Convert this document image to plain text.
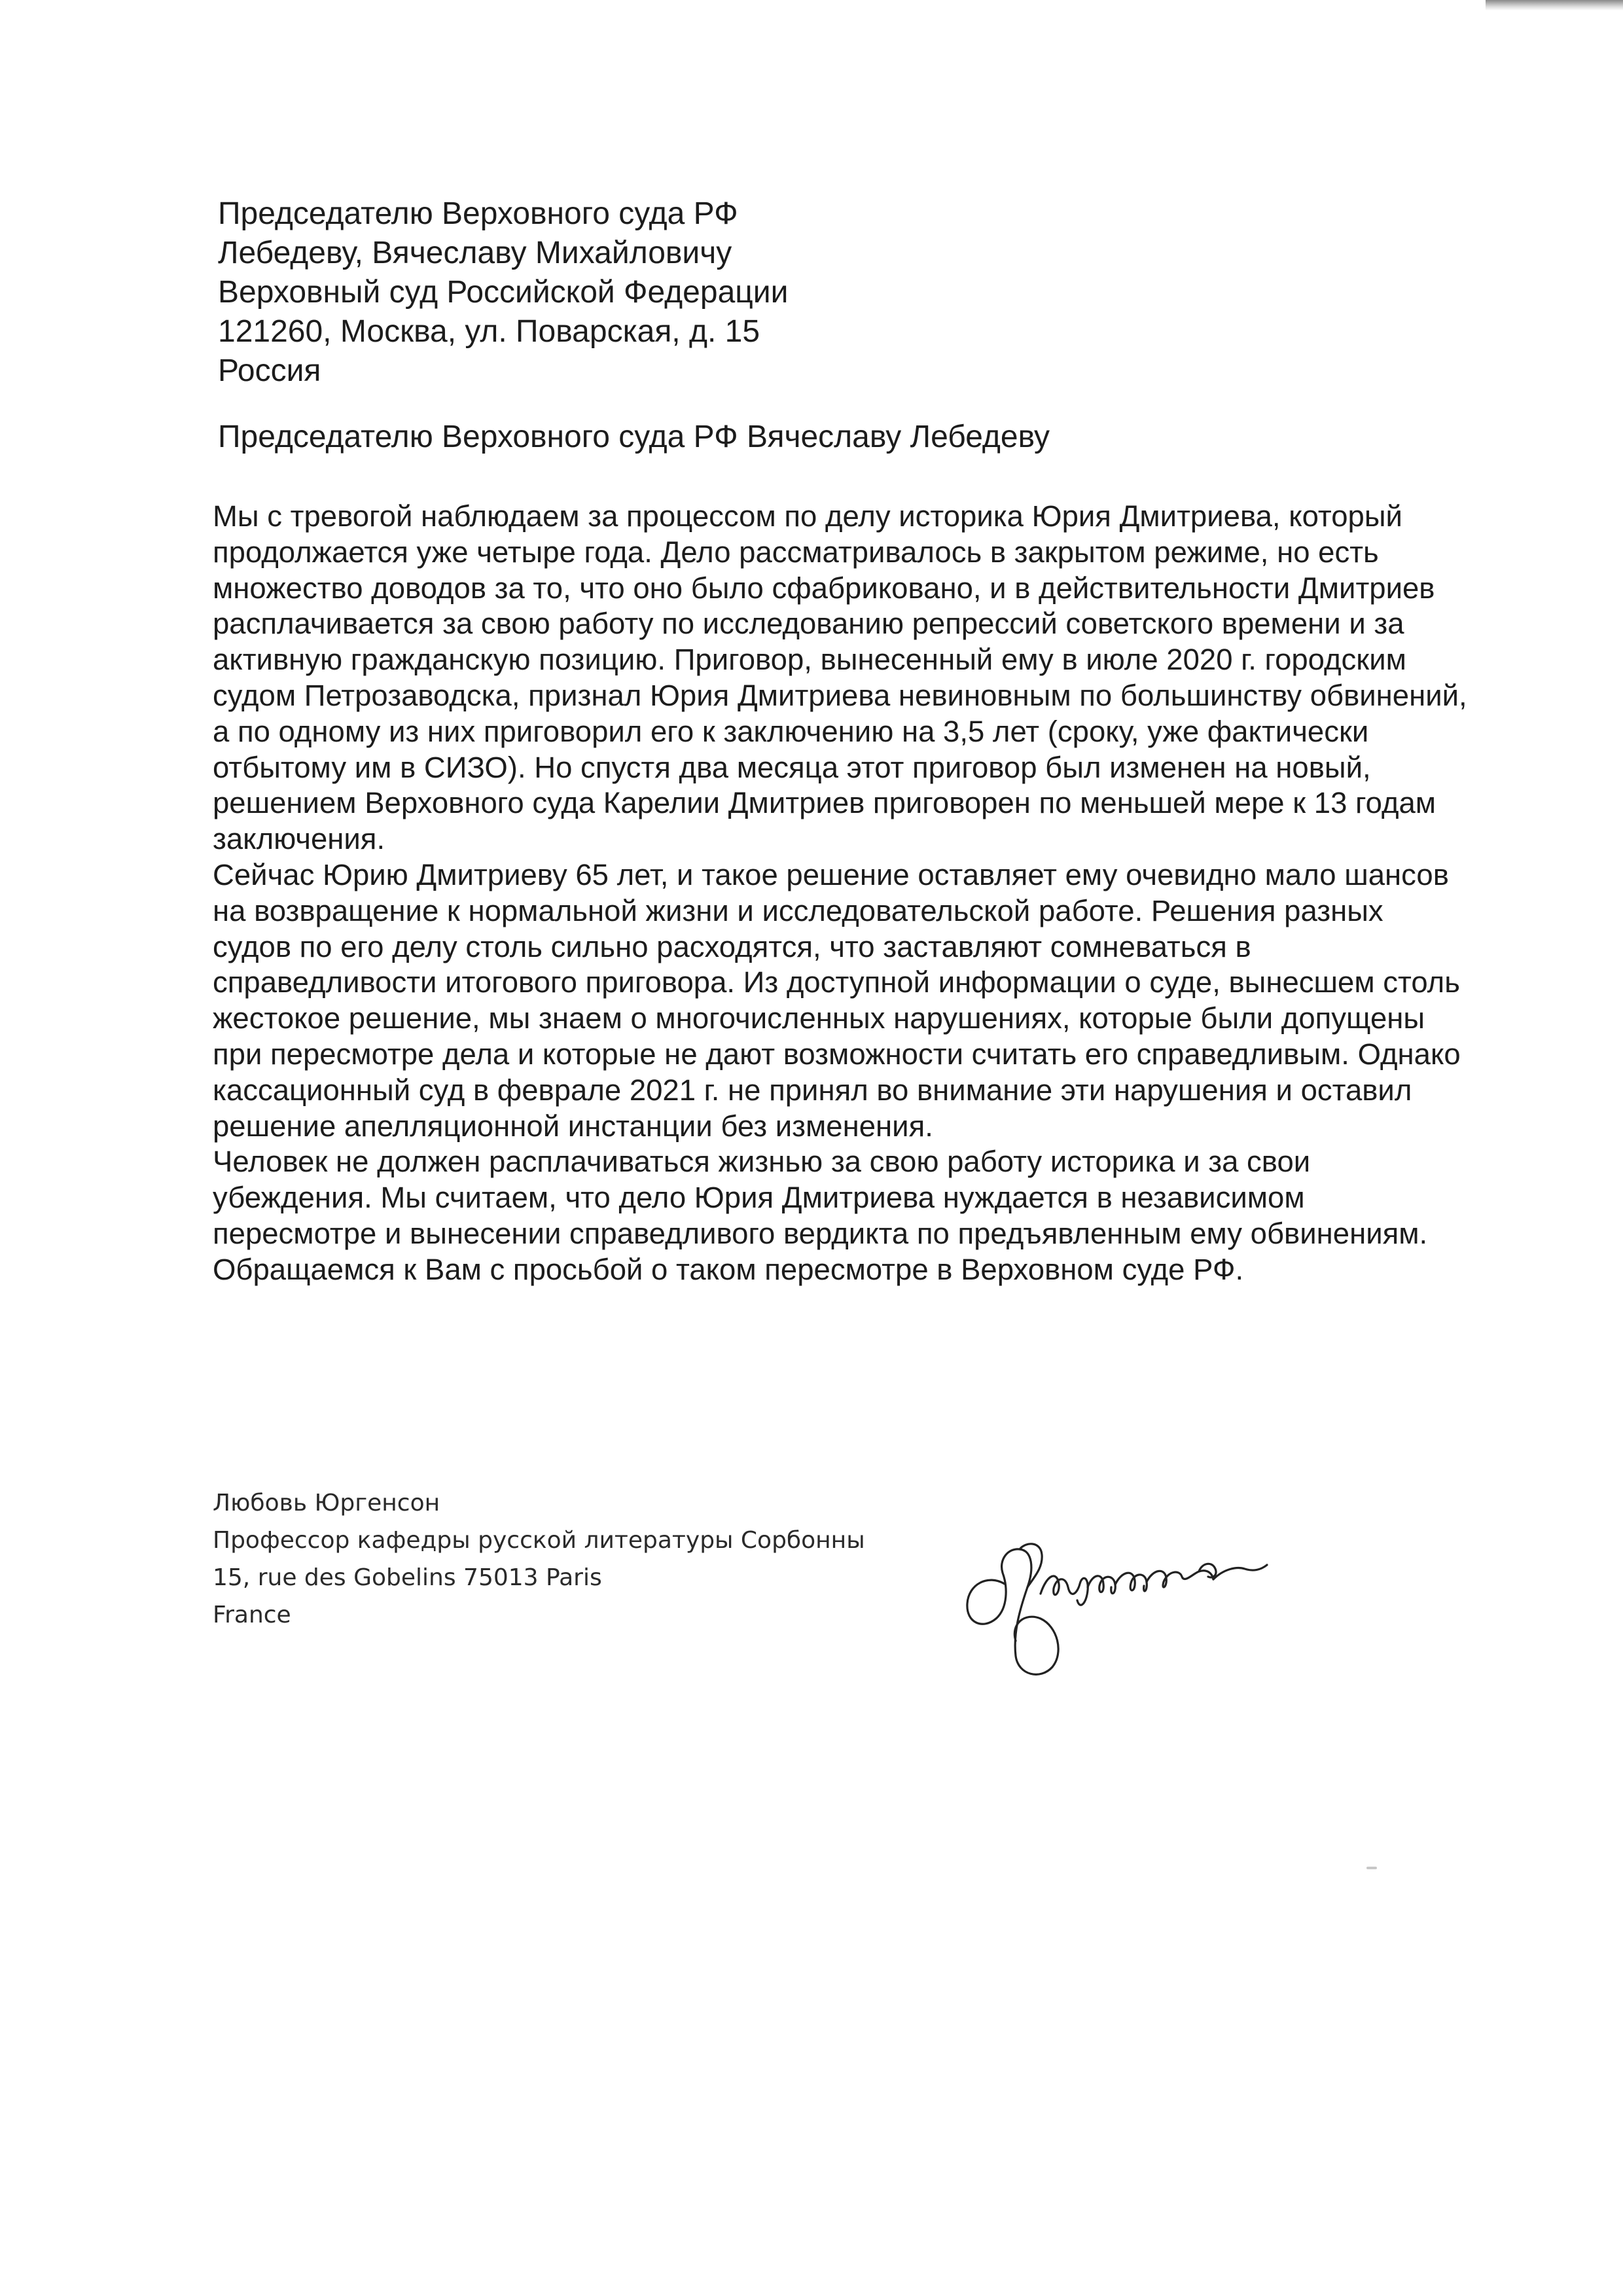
Председателю Верховного суда РФ
Лебедеву, Вячеславу Михайловичу
Верховный суд Российской Федерации
121260, Москва, ул. Поварская, д. 15
Россия
Председателю Верховного суда РФ Вячеславу Лебедеву

Мы с тревогой наблюдаем за процессом по делу историка Юрия Дмитриева, который продолжается уже четыре года. Дело рассматривалось в закрытом режиме, но есть множество доводов за то, что оно было сфабриковано, и в действительности Дмитриев расплачивается за свою работу по исследованию репрессий советского времени и за активную гражданскую позицию. Приговор, вынесенный ему в июле 2020 г. городским судом Петрозаводска, признал Юрия Дмитриева невиновным по большинству обвинений, а по одному из них приговорил его к заключению на 3,5 лет (сроку, уже фактически отбытому им в СИЗО). Но спустя два месяца этот приговор был изменен на новый, решением Верховного суда Карелии Дмитриев приговорен по меньшей мере к 13 годам заключения.

Сейчас Юрию Дмитриеву 65 лет, и такое решение оставляет ему очевидно мало шансов на возвращение к нормальной жизни и исследовательской работе. Решения разных судов по его делу столь сильно расходятся, что заставляют сомневаться в справедливости итогового приговора. Из доступной информации о суде, вынесшем столь жестокое решение, мы знаем о многочисленных нарушениях, которые были допущены при пересмотре дела и которые не дают возможности считать его справедливым. Однако кассационный суд в феврале 2021 г. не принял во внимание эти нарушения и оставил решение апелляционной инстанции без изменения.

Человек не должен расплачиваться жизнью за свою работу историка и за свои убеждения. Мы считаем, что дело Юрия Дмитриева нуждается в независимом пересмотре и вынесении справедливого вердикта по предъявленным ему обвинениям. Обращаемся к Вам с просьбой о таком пересмотре в Верховном суде РФ.

Любовь Юргенсон
Профессор кафедры русской литературы Сорбонны
15, rue des Gobelins 75013 Paris
France
